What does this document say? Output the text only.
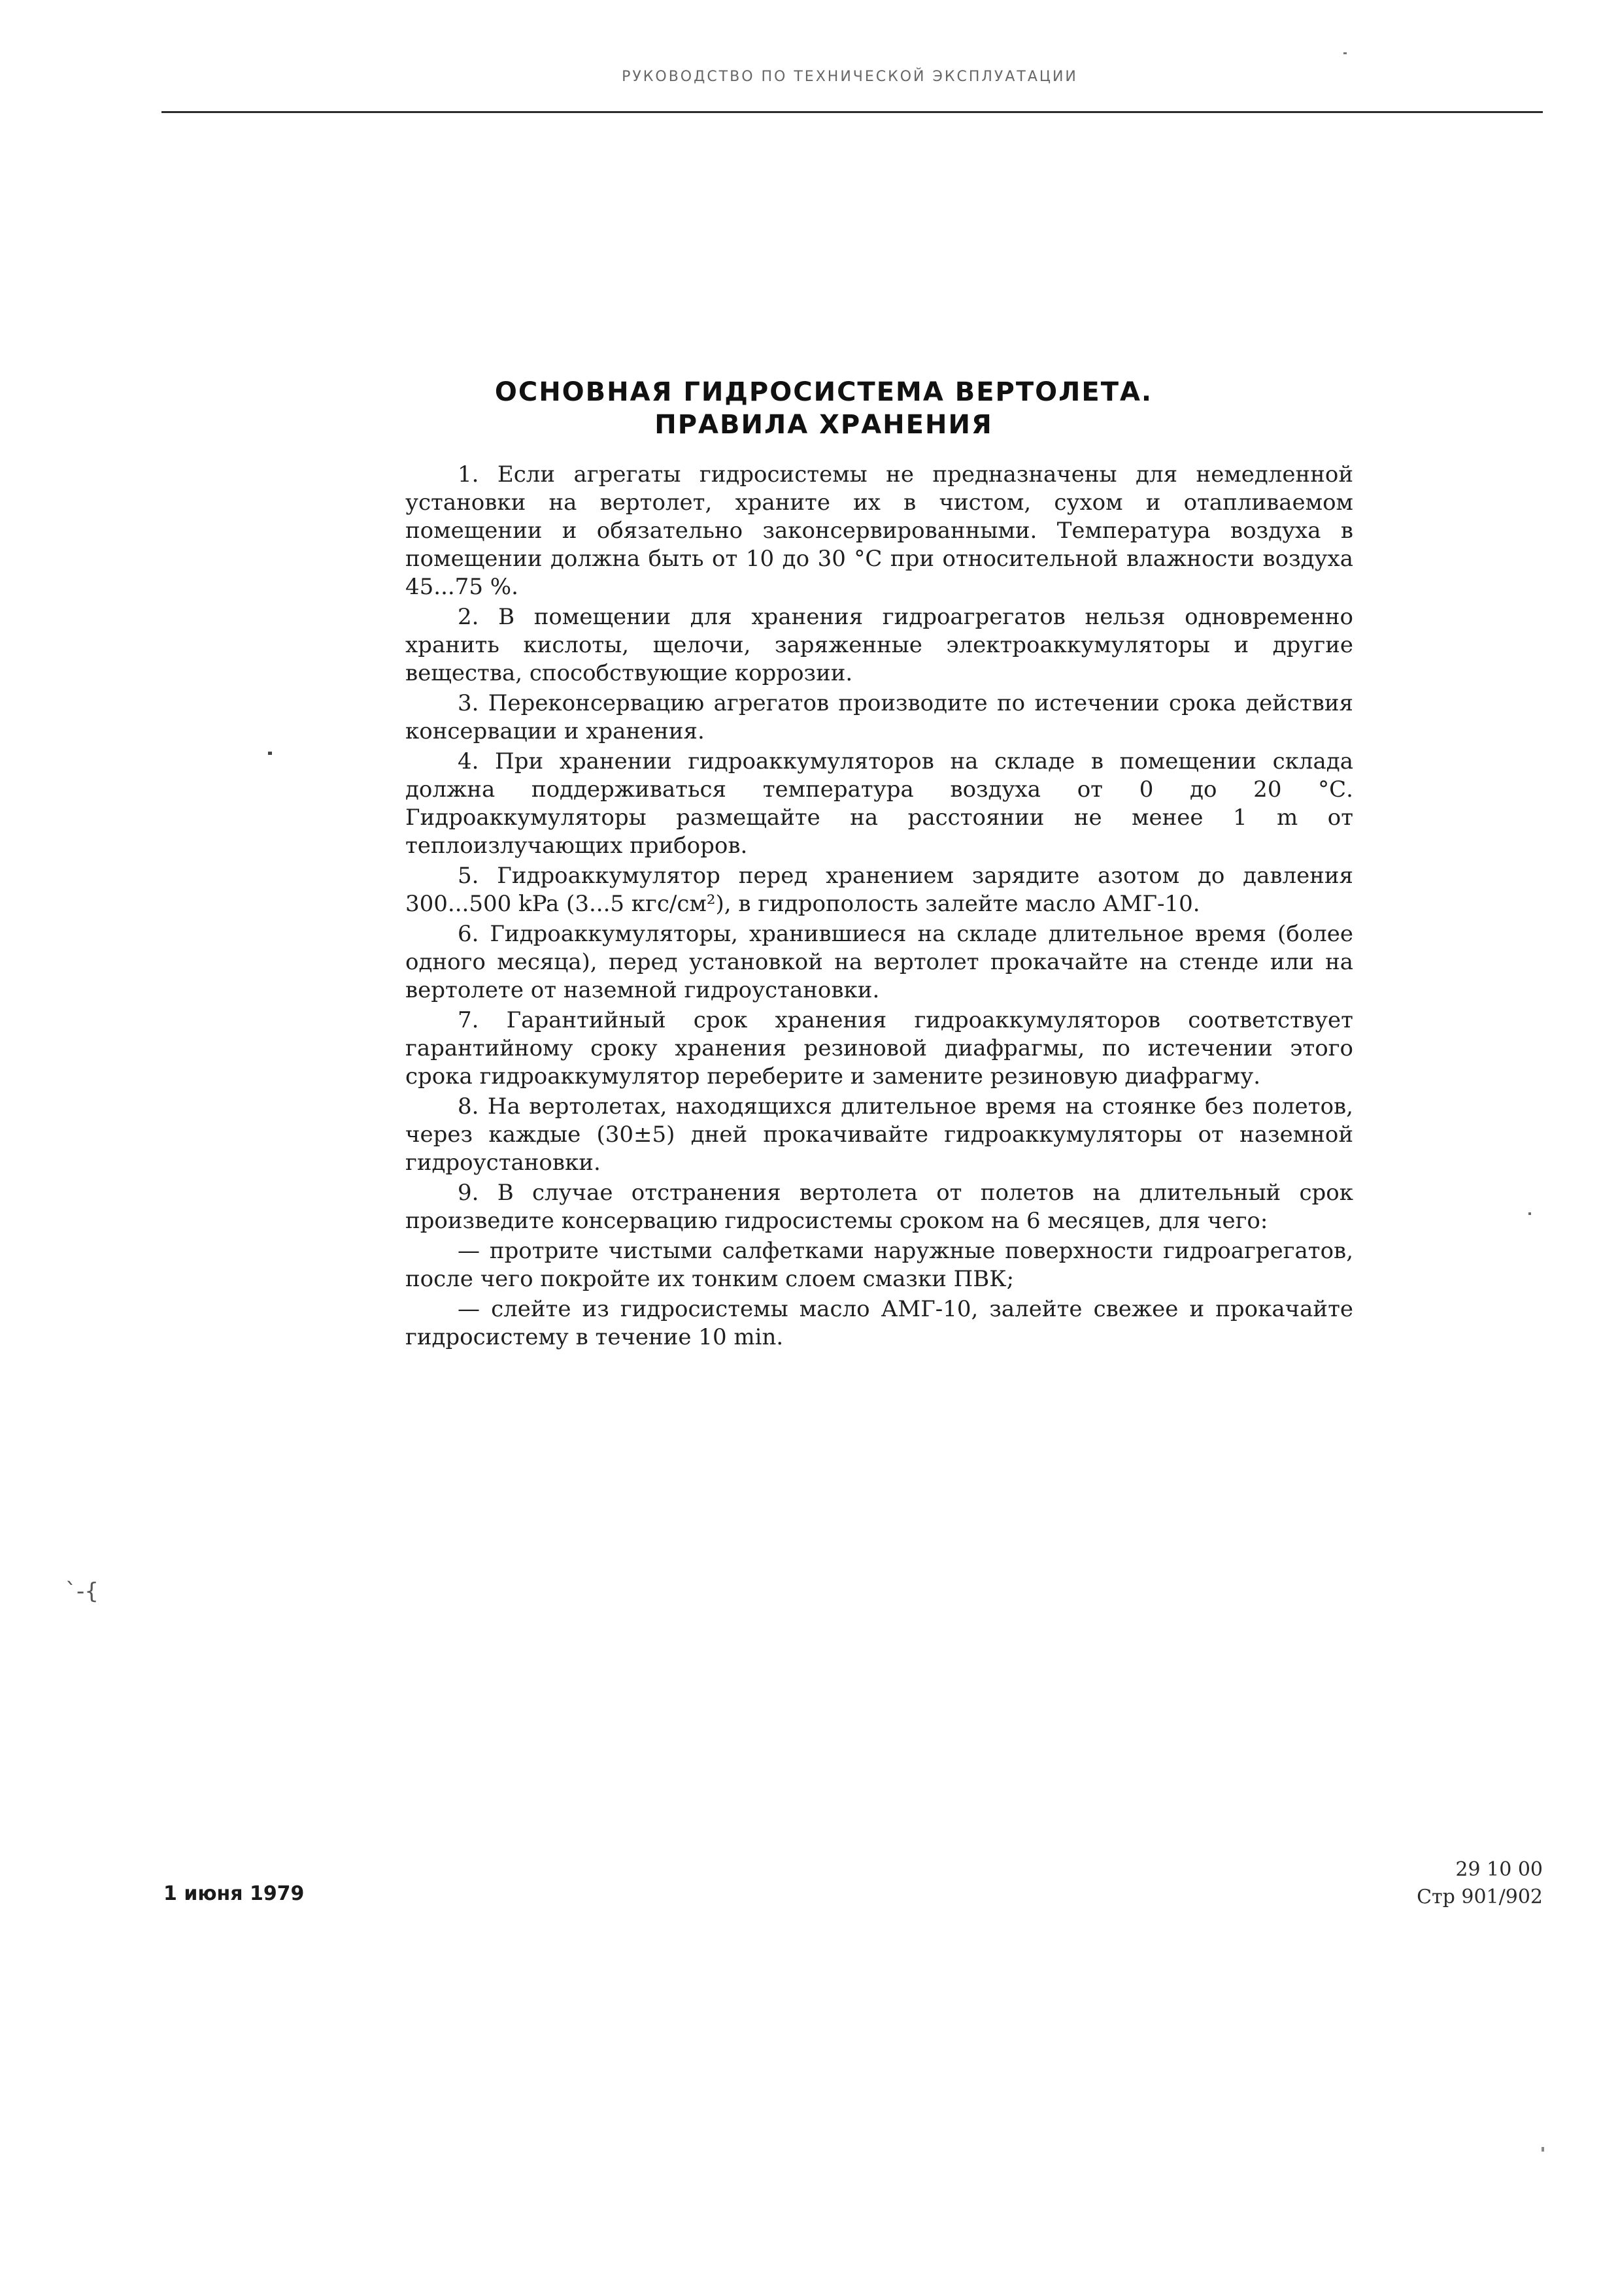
РУКОВОДСТВО ПО ТЕХНИЧЕСКОЙ ЭКСПЛУАТАЦИИ
ОСНОВНАЯ ГИДРОСИСТЕМА ВЕРТОЛЕТА.
ПРАВИЛА ХРАНЕНИЯ

1. Если агрегаты гидросистемы не предназначены для немедленной установки на вертолет, храните их в чистом, сухом и отапливаемом помещении и обязательно законсервированными. Температура воздуха в помещении должна быть от 10 до 30 °С при относительной влажности воздуха 45...75 %.

2. В помещении для хранения гидроагрегатов нельзя одновременно хранить кислоты, щелочи, заряженные электроаккумуляторы и другие вещества, способствующие коррозии.

3. Переконсервацию агрегатов производите по истечении срока действия консервации и хранения.

4. При хранении гидроаккумуляторов на складе в помещении склада должна поддерживаться температура воздуха от 0 до 20 °С. Гидроаккумуляторы размещайте на расстоянии не менее 1 m от теплоизлучающих приборов.

5. Гидроаккумулятор перед хранением зарядите азотом до давления 300...500 kPa (3...5 кгс/см²), в гидрополость залейте масло АМГ-10.

6. Гидроаккумуляторы, хранившиеся на складе длительное время (более одного месяца), перед установкой на вертолет прокачайте на стенде или на вертолете от наземной гидроустановки.

7. Гарантийный срок хранения гидроаккумуляторов соответствует гарантийному сроку хранения резиновой диафрагмы, по истечении этого срока гидроаккумулятор переберите и замените резиновую диафрагму.

8. На вертолетах, находящихся длительное время на стоянке без полетов, через каждые (30±5) дней прокачивайте гидроаккумуляторы от наземной гидроустановки.

9. В случае отстранения вертолета от полетов на длительный срок произведите консервацию гидросистемы сроком на 6 месяцев, для чего:

— протрите чистыми салфетками наружные поверхности гидроагрегатов, после чего покройте их тонким слоем смазки ПВК;

— слейте из гидросистемы масло АМГ-10, залейте свежее и прокачайте гидросистему в течение 10 min.

`-{
1 июня 1979
29 10 00
Стр 901/902
